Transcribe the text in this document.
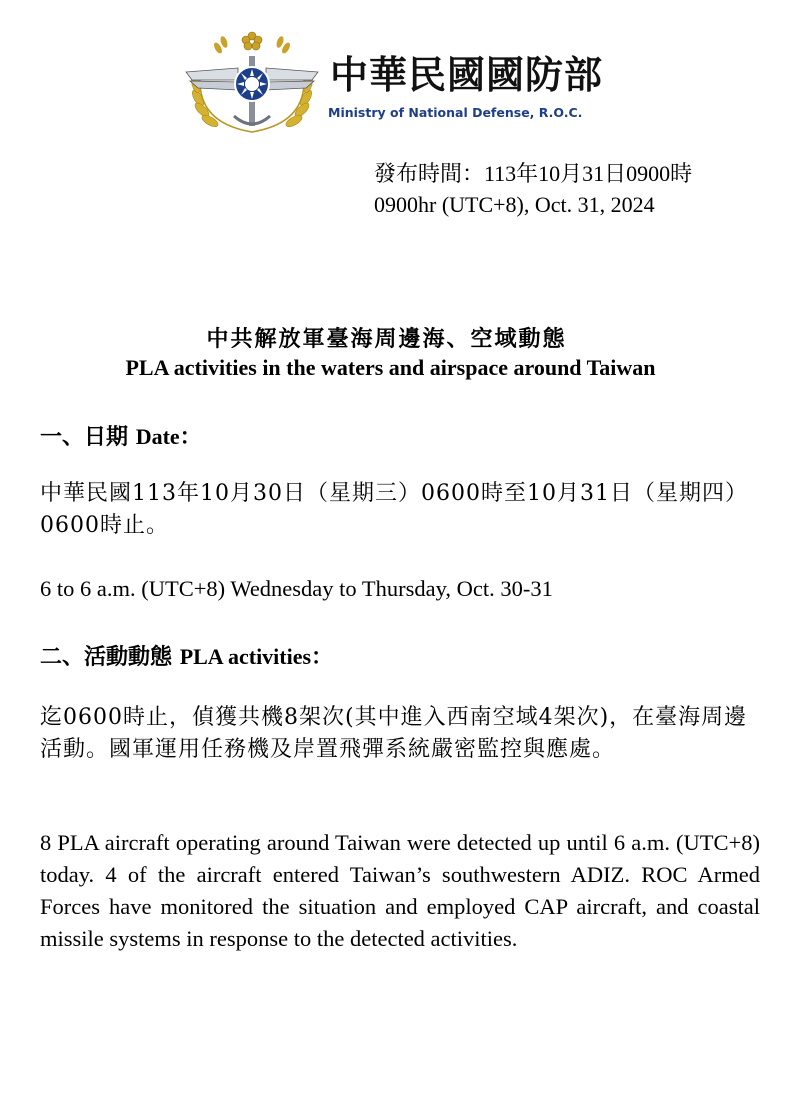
中華民國國防部
Ministry of National Defense, R.O.C.
發布時間：113年10月31日0900時
0900hr (UTC+8), Oct. 31, 2024
中共解放軍臺海周邊海、空域動態
PLA activities in the waters and airspace around Taiwan
一、日期 Date：
中華民國113年10月30日（星期三）0600時至10月31日（星期四）0600時止。
6 to 6 a.m. (UTC+8) Wednesday to Thursday, Oct. 30-31
二、活動動態 PLA activities：
迄0600時止，偵獲共機8架次(其中進入西南空域4架次)，在臺海周邊活動。國軍運用任務機及岸置飛彈系統嚴密監控與應處。
8 PLA aircraft operating around Taiwan were detected up until 6 a.m. (UTC+8) today. 4 of the aircraft entered Taiwan’s southwestern ADIZ. ROC Armed Forces have monitored the situation and employed CAP aircraft, and coastal missile systems in response to the detected activities.
